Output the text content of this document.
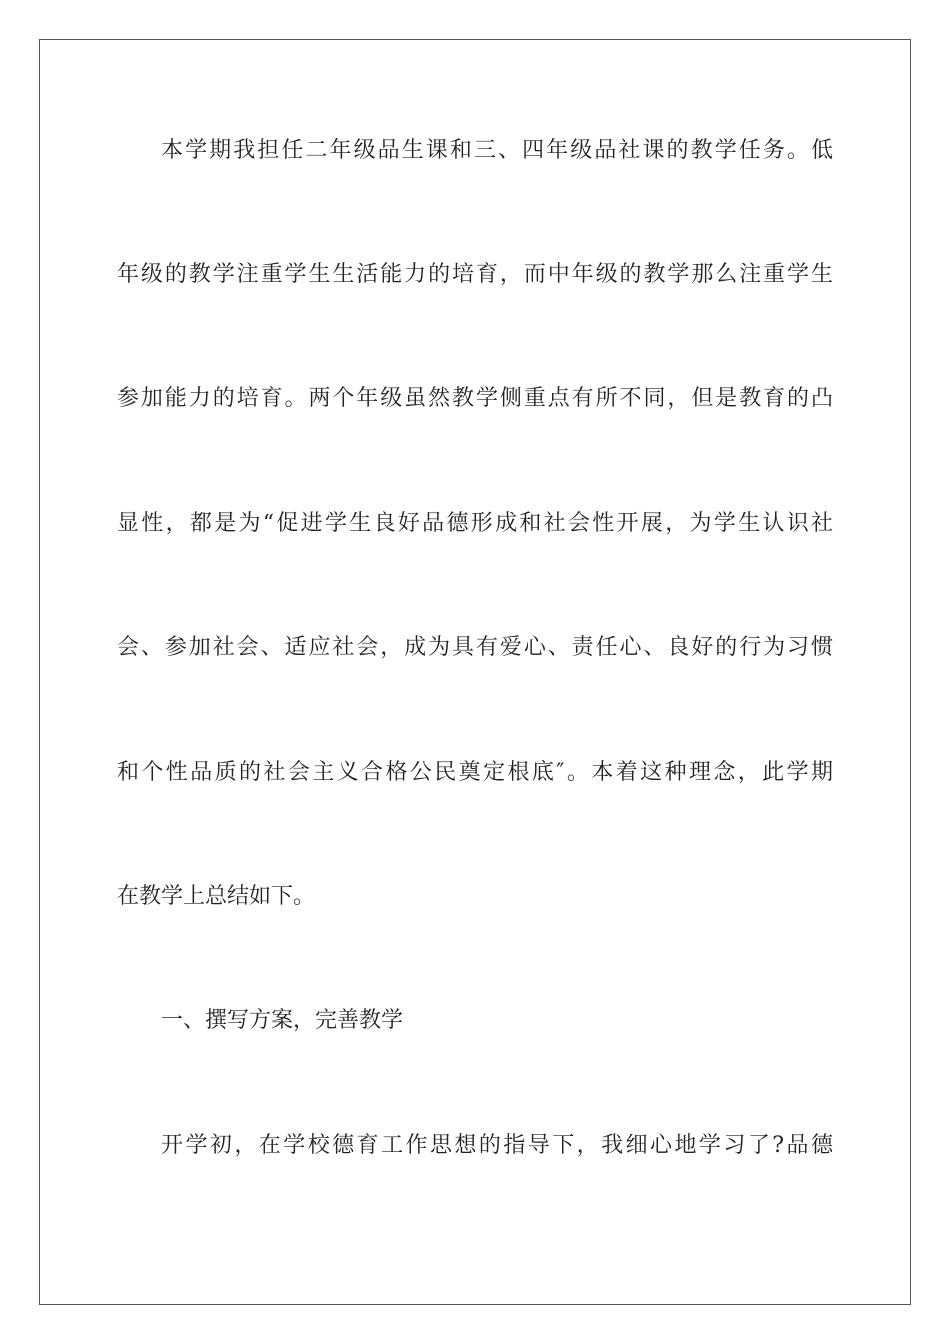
本学期我担任二年级品生课和三、四年级品社课的教学任务。低
年级的教学注重学生生活能力的培育，而中年级的教学那么注重学生
参加能力的培育。两个年级虽然教学侧重点有所不同，但是教育的凸
显性，都是为“促进学生良好品德形成和社会性开展，为学生认识社
会、参加社会、适应社会，成为具有爱心、责任心、良好的行为习惯
和个性品质的社会主义合格公民奠定根底″。本着这种理念，此学期
在教学上总结如下。
一、撰写方案，完善教学
开学初，在学校德育工作思想的指导下，我细心地学习了?品德
